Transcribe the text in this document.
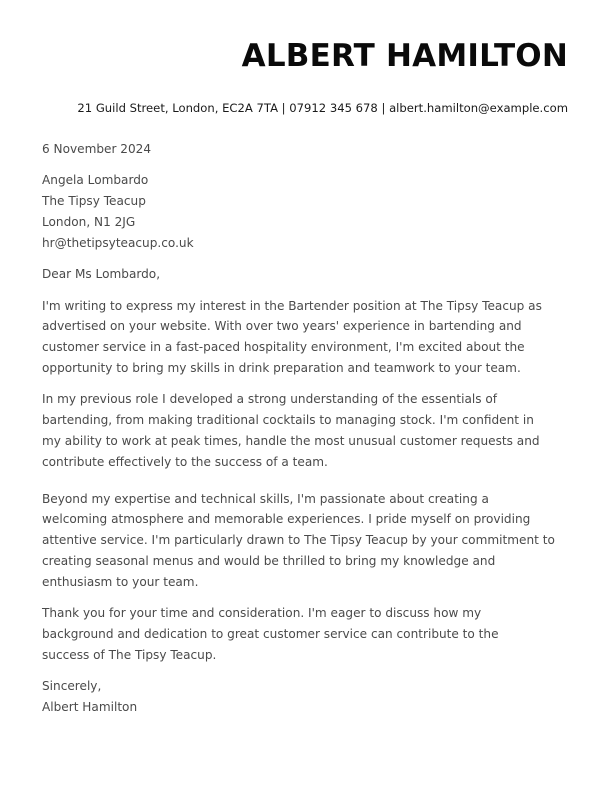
ALBERT HAMILTON
21 Guild Street, London, EC2A 7TA | 07912 345 678 | albert.hamilton@example.com

6 November 2024

Angela Lombardo
The Tipsy Teacup
London, N1 2JG
hr@thetipsyteacup.co.uk

Dear Ms Lombardo,

I'm writing to express my interest in the Bartender position at The Tipsy Teacup as
advertised on your website. With over two years' experience in bartending and
customer service in a fast-paced hospitality environment, I'm excited about the
opportunity to bring my skills in drink preparation and teamwork to your team.
In my previous role I developed a strong understanding of the essentials of
bartending, from making traditional cocktails to managing stock. I'm confident in
my ability to work at peak times, handle the most unusual customer requests and
contribute effectively to the success of a team.
Beyond my expertise and technical skills, I'm passionate about creating a
welcoming atmosphere and memorable experiences. I pride myself on providing
attentive service. I'm particularly drawn to The Tipsy Teacup by your commitment to
creating seasonal menus and would be thrilled to bring my knowledge and
enthusiasm to your team.
Thank you for your time and consideration. I'm eager to discuss how my
background and dedication to great customer service can contribute to the
success of The Tipsy Teacup.
Sincerely,
Albert Hamilton
